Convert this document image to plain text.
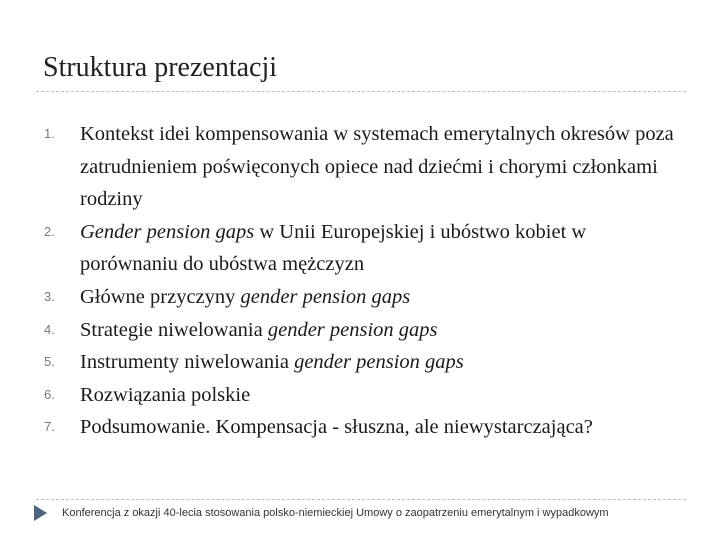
Struktura prezentacji
1.	Kontekst idei kompensowania w systemach emerytalnych okresów poza zatrudnieniem poświęconych opiece nad dziećmi i chorymi członkami rodziny
2.	Gender pension gaps w Unii Europejskiej i ubóstwo kobiet w porównaniu do ubóstwa mężczyzn
3.	Główne przyczyny gender pension gaps
4.	Strategie niwelowania gender pension gaps
5.	Instrumenty niwelowania gender pension gaps
6.	Rozwiązania polskie
7.	Podsumowanie. Kompensacja - słuszna, ale niewystarczająca?
Konferencja z okazji 40-lecia stosowania polsko-niemieckiej Umowy o zaopatrzeniu emerytalnym i wypadkowym
